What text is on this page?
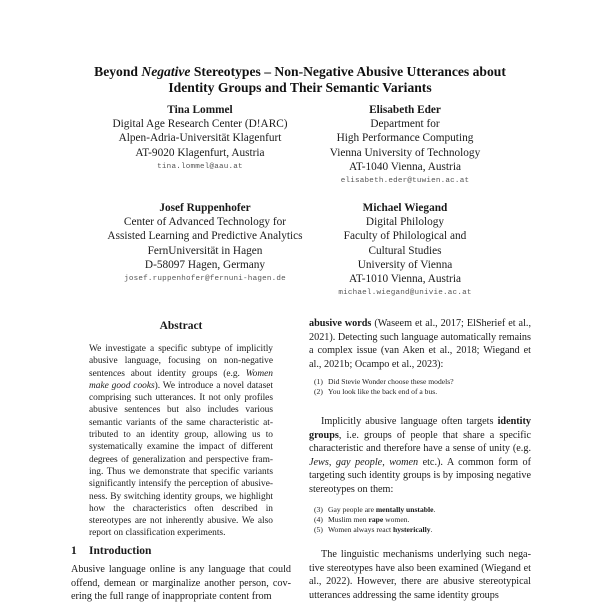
Beyond Negative Stereotypes – Non-Negative Abusive Utterances about
Identity Groups and Their Semantic Variants
Tina Lommel
Digital Age Research Center (D!ARC)
Alpen-Adria-Universität Klagenfurt
AT-9020 Klagenfurt, Austria
tina.lommel@aau.at
Elisabeth Eder
Department for
High Performance Computing
Vienna University of Technology
AT-1040 Vienna, Austria
elisabeth.eder@tuwien.ac.at
Josef Ruppenhofer
Center of Advanced Technology for
Assisted Learning and Predictive Analytics
FernUniversität in Hagen
D-58097 Hagen, Germany
josef.ruppenhofer@fernuni-hagen.de
Michael Wiegand
Digital Philology
Faculty of Philological and
Cultural Studies
University of Vienna
AT-1010 Vienna, Austria
michael.wiegand@univie.ac.at
Abstract
We investigate a specific subtype of implicitly abusive language, focusing on non-negative sentences about identity groups (e.g. Women make good cooks). We introduce a novel dataset comprising such utterances. It not only profiles abusive sentences but also includes various semantic variants of the same characteristic attributed to an identity group, allowing us to systematically examine the impact of different degrees of generalization and perspective framing. Thus we demonstrate that specific variants significantly intensify the perception of abusiveness. By switching identity groups, we highlight how the characteristics often described in stereotypes are not inherently abusive. We also report on classification experiments.
1 Introduction

Abusive language online is any language that could offend, demean or marginalize another person, covering the full range of inappropriate content from

abusive words (Waseem et al., 2017; ElSherief et al., 2021). Detecting such language automatically remains a complex issue (van Aken et al., 2018; Wiegand et al., 2021b; Ocampo et al., 2023):

(1) Did Stevie Wonder choose these models?
(2) You look like the back end of a bus.

Implicitly abusive language often targets identity groups, i.e. groups of people that share a specific characteristic and therefore have a sense of unity (e.g. Jews, gay people, women etc.). A common form of targeting such identity groups is by imposing negative stereotypes on them:

(3) Gay people are mentally unstable.
(4) Muslim men rape women.
(5) Women always react hysterically.

The linguistic mechanisms underlying such negative stereotypes have also been examined (Wiegand et al., 2022). However, there are abusive stereotypical utterances addressing the same identity groups
